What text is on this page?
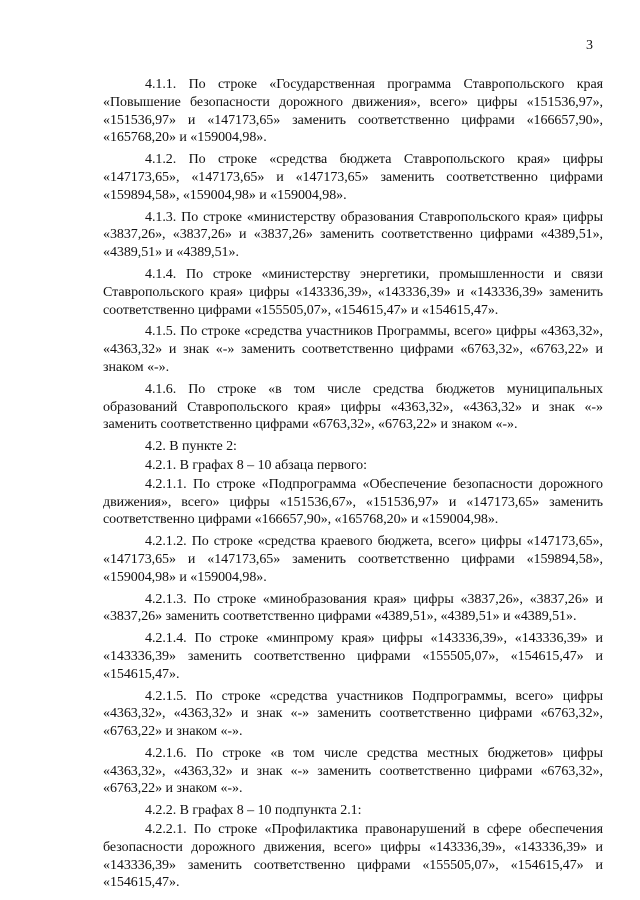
3

4.1.1. По строке «Государственная программа Ставропольского края «Повышение безопасности дорожного движения», всего» цифры «151536,97», «151536,97» и «147173,65» заменить соответственно цифрами «166657,90», «165768,20» и «159004,98».

4.1.2. По строке «средства бюджета Ставропольского края» цифры «147173,65», «147173,65» и «147173,65» заменить соответственно цифрами «159894,58», «159004,98» и «159004,98».

4.1.3. По строке «министерству образования Ставропольского края» цифры «3837,26», «3837,26» и «3837,26» заменить соответственно цифрами «4389,51», «4389,51» и «4389,51».

4.1.4. По строке «министерству энергетики, промышленности и связи Ставропольского края» цифры «143336,39», «143336,39» и «143336,39» заменить соответственно цифрами «155505,07», «154615,47» и «154615,47».

4.1.5. По строке «средства участников Программы, всего» цифры «4363,32», «4363,32» и знак «-» заменить соответственно цифрами «6763,32», «6763,22» и знаком «-».

4.1.6. По строке «в том числе средства бюджетов муниципальных образований Ставропольского края» цифры «4363,32», «4363,32» и знак «-» заменить соответственно цифрами «6763,32», «6763,22» и знаком «-».

4.2. В пункте 2:

4.2.1. В графах 8 – 10 абзаца первого:

4.2.1.1. По строке «Подпрограмма «Обеспечение безопасности дорожного движения», всего» цифры «151536,67», «151536,97» и «147173,65» заменить соответственно цифрами «166657,90», «165768,20» и «159004,98».

4.2.1.2. По строке «средства краевого бюджета, всего» цифры «147173,65», «147173,65» и «147173,65» заменить соответственно цифрами «159894,58», «159004,98» и «159004,98».

4.2.1.3. По строке «минобразования края» цифры «3837,26», «3837,26» и «3837,26» заменить соответственно цифрами «4389,51», «4389,51» и «4389,51».

4.2.1.4. По строке «минпрому края» цифры «143336,39», «143336,39» и «143336,39» заменить соответственно цифрами «155505,07», «154615,47» и «154615,47».

4.2.1.5. По строке «средства участников Подпрограммы, всего» цифры «4363,32», «4363,32» и знак «-» заменить соответственно цифрами «6763,32», «6763,22» и знаком «-».

4.2.1.6. По строке «в том числе средства местных бюджетов» цифры «4363,32», «4363,32» и знак «-» заменить соответственно цифрами «6763,32», «6763,22» и знаком «-».

4.2.2. В графах 8 – 10 подпункта 2.1:

4.2.2.1. По строке «Профилактика правонарушений в сфере обеспечения безопасности дорожного движения, всего» цифры «143336,39», «143336,39» и «143336,39» заменить соответственно цифрами «155505,07», «154615,47» и «154615,47».
